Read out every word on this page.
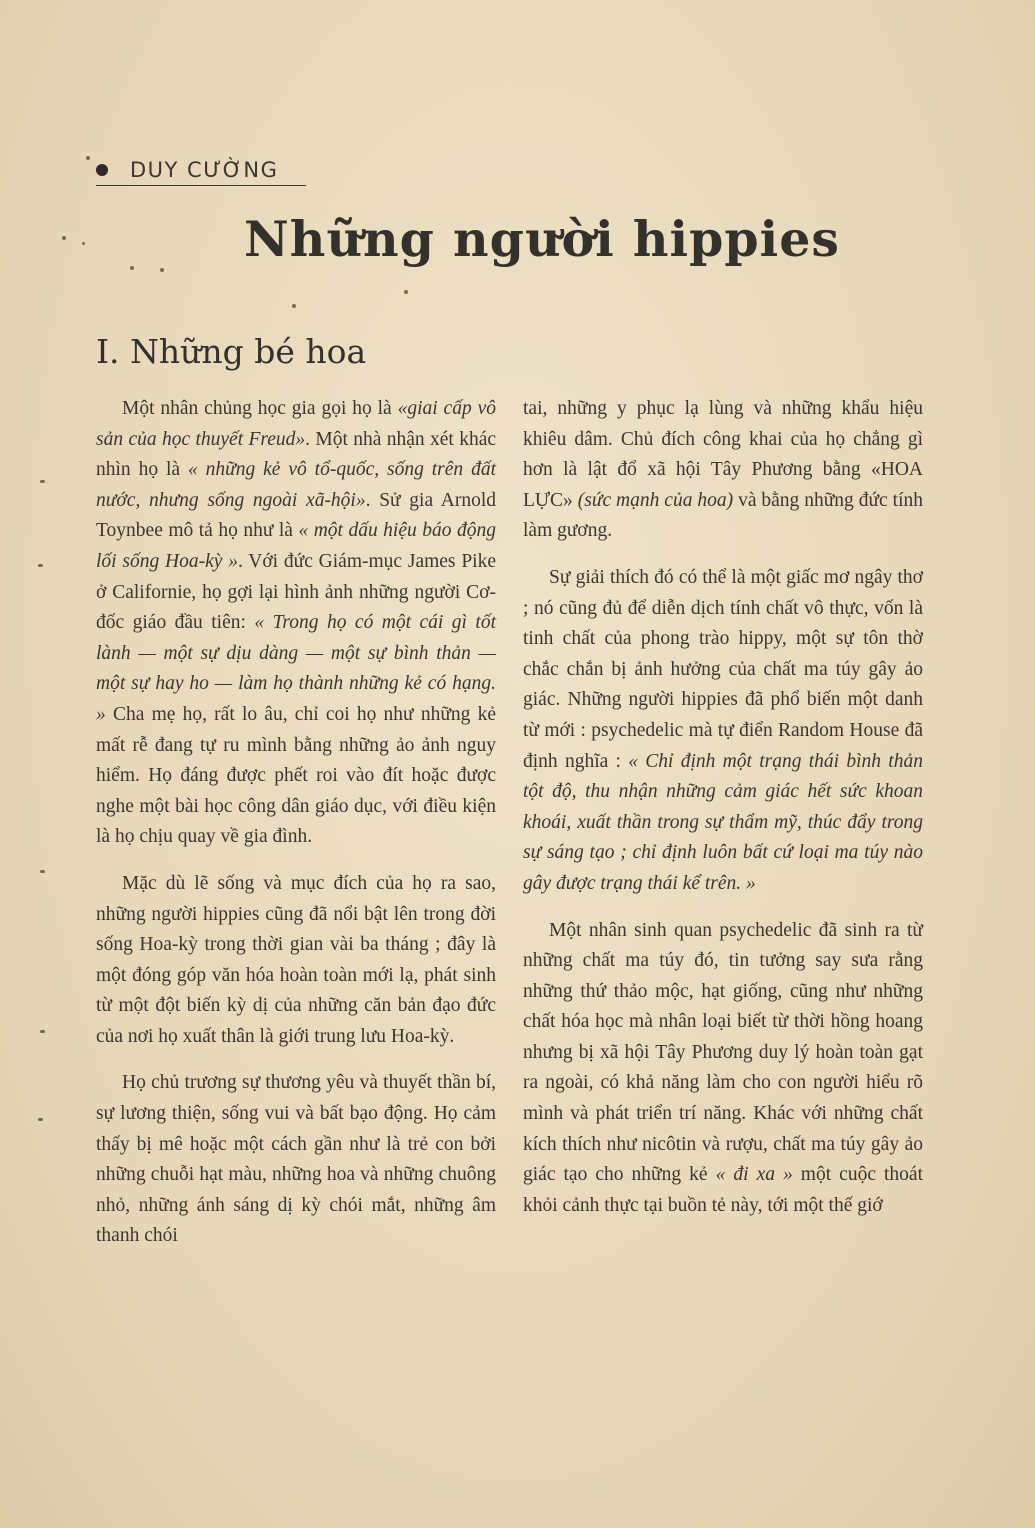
DUY CƯỜNG
Những người hippies
I. Những bé hoa

Một nhân chủng học gia gọi họ là «giai cấp vô sản của học thuyết Freud». Một nhà nhận xét khác nhìn họ là « những kẻ vô tổ-quốc, sống trên đất nước, nhưng sống ngoài xã-hội». Sử gia Arnold Toynbee mô tả họ như là « một dấu hiệu báo động lối sống Hoa-kỳ ». Với đức Giám-mục James Pike ở Californie, họ gợi lại hình ảnh những người Cơ-đốc giáo đầu tiên: « Trong họ có một cái gì tốt lành — một sự dịu dàng — một sự bình thản — một sự hay ho — làm họ thành những kẻ có hạng. » Cha mẹ họ, rất lo âu, chỉ coi họ như những kẻ mất rễ đang tự ru mình bằng những ảo ảnh nguy hiểm. Họ đáng được phết roi vào đít hoặc được nghe một bài học công dân giáo dục, với điều kiện là họ chịu quay về gia đình.

Mặc dù lẽ sống và mục đích của họ ra sao, những người hippies cũng đã nổi bật lên trong đời sống Hoa-kỳ trong thời gian vài ba tháng ; đây là một đóng góp văn hóa hoàn toàn mới lạ, phát sinh từ một đột biến kỳ dị của những căn bản đạo đức của nơi họ xuất thân là giới trung lưu Hoa-kỳ.

Họ chủ trương sự thương yêu và thuyết thần bí, sự lương thiện, sống vui và bất bạo động. Họ cảm thấy bị mê hoặc một cách gần như là trẻ con bởi những chuỗi hạt màu, những hoa và những chuông nhỏ, những ánh sáng dị kỳ chói mắt, những âm thanh chói

tai, những y phục lạ lùng và những khẩu hiệu khiêu dâm. Chủ đích công khai của họ chẳng gì hơn là lật đổ xã hội Tây Phương bằng «HOA LỰC» (sức mạnh của hoa) và bằng những đức tính làm gương.

Sự giải thích đó có thể là một giấc mơ ngây thơ ; nó cũng đủ để diễn dịch tính chất vô thực, vốn là tinh chất của phong trào hippy, một sự tôn thờ chắc chắn bị ảnh hưởng của chất ma túy gây ảo giác. Những người hippies đã phổ biến một danh từ mới : psychedelic mà tự điển Random House đã định nghĩa : « Chỉ định một trạng thái bình thản tột độ, thu nhận những cảm giác hết sức khoan khoái, xuất thần trong sự thẩm mỹ, thúc đẩy trong sự sáng tạo ; chỉ định luôn bất cứ loại ma túy nào gây được trạng thái kể trên. »

Một nhân sinh quan psychedelic đã sinh ra từ những chất ma túy đó, tin tưởng say sưa rằng những thứ thảo mộc, hạt giống, cũng như những chất hóa học mà nhân loại biết từ thời hồng hoang nhưng bị xã hội Tây Phương duy lý hoàn toàn gạt ra ngoài, có khả năng làm cho con người hiểu rõ mình và phát triển trí năng. Khác với những chất kích thích như nicôtin và rượu, chất ma túy gây ảo giác tạo cho những kẻ « đi xa » một cuộc thoát khỏi cảnh thực tại buồn tẻ này, tới một thế giớ
